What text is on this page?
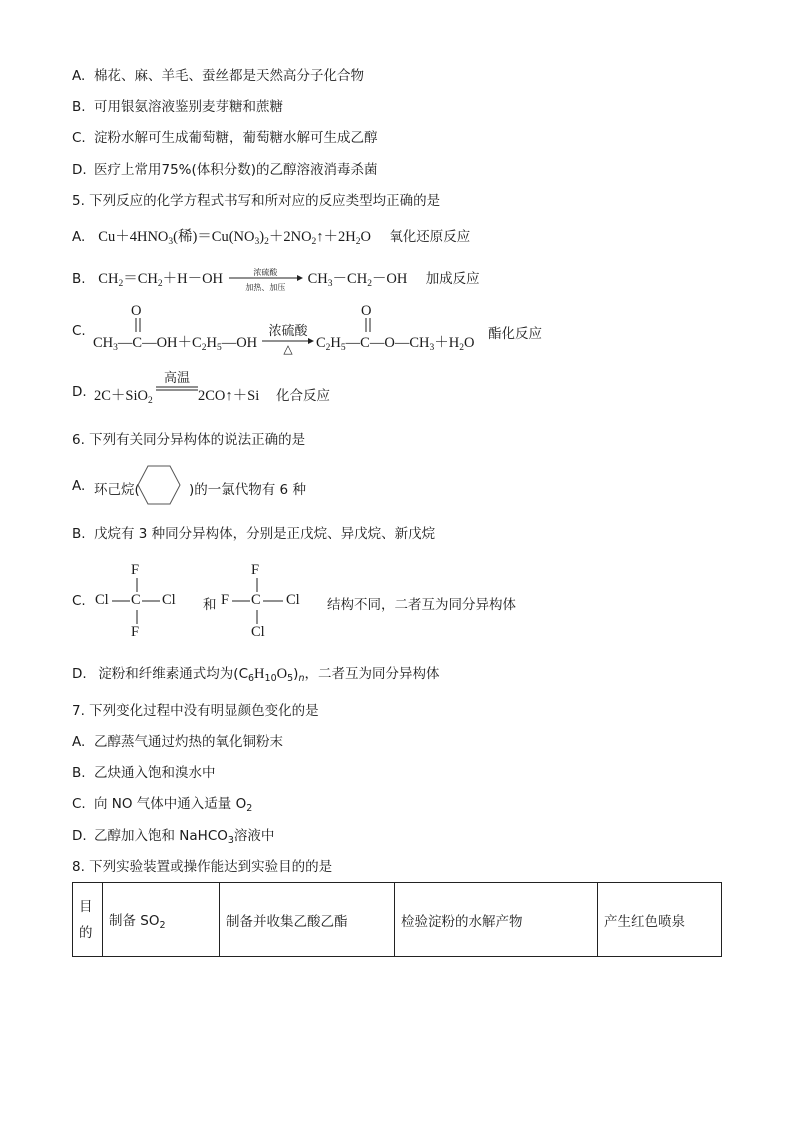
A. 棉花、麻、羊毛、蚕丝都是天然高分子化合物
B. 可用银氨溶液鉴别麦芽糖和蔗糖
C. 淀粉水解可生成葡萄糖，葡萄糖水解可生成乙醇
D. 医疗上常用75%(体积分数)的乙醇溶液消毒杀菌
5. 下列反应的化学方程式书写和所对应的反应类型均正确的是
A. $Cu+4HNO_3$(稀)$=Cu(NO_3)_2+2NO_2↑+2H_2O$ 氧化还原反应
B. $CH_2=CH_2+H-OH$	浓硫酸
加热、加压
$CH_3-CH_2-OH$ 加成反应
C.
O
$CH_3—C—OH+C_2H_5—OH$
浓硫酸
△
O
$C_2H_5—C—O—CH_3+H_2O$
酯化反应
D. 2C＋SiO$_2$
高温
2CO↑＋Si 化合反应
6. 下列有关同分异构体的说法正确的是
A. 环己烷(	)的一氯代物有 6 种
B. 戊烷有 3 种同分异构体，分别是正戊烷、异戊烷、新戊烷
C.
F
Cl C Cl
F
和
F
F C Cl
Cl
结构不同，二者互为同分异构体
D. 淀粉和纤维素通式均为$(C_6H_{10}O_5)_n$，二者互为同分异构体
7. 下列变化过程中没有明显颜色变化的是
A. 乙醇蒸气通过灼热的氧化铜粉末
B. 乙炔通入饱和溴水中
C. 向 NO 气体中通入适量 $O_2$
D. 乙醇加入饱和 NaHCO$_3$溶液中
8. 下列实验装置或操作能达到实验目的的是
目
的
	制备 $SO_2$	制备并收集乙酸乙酯	检验淀粉的水解产物	产生红色喷泉
